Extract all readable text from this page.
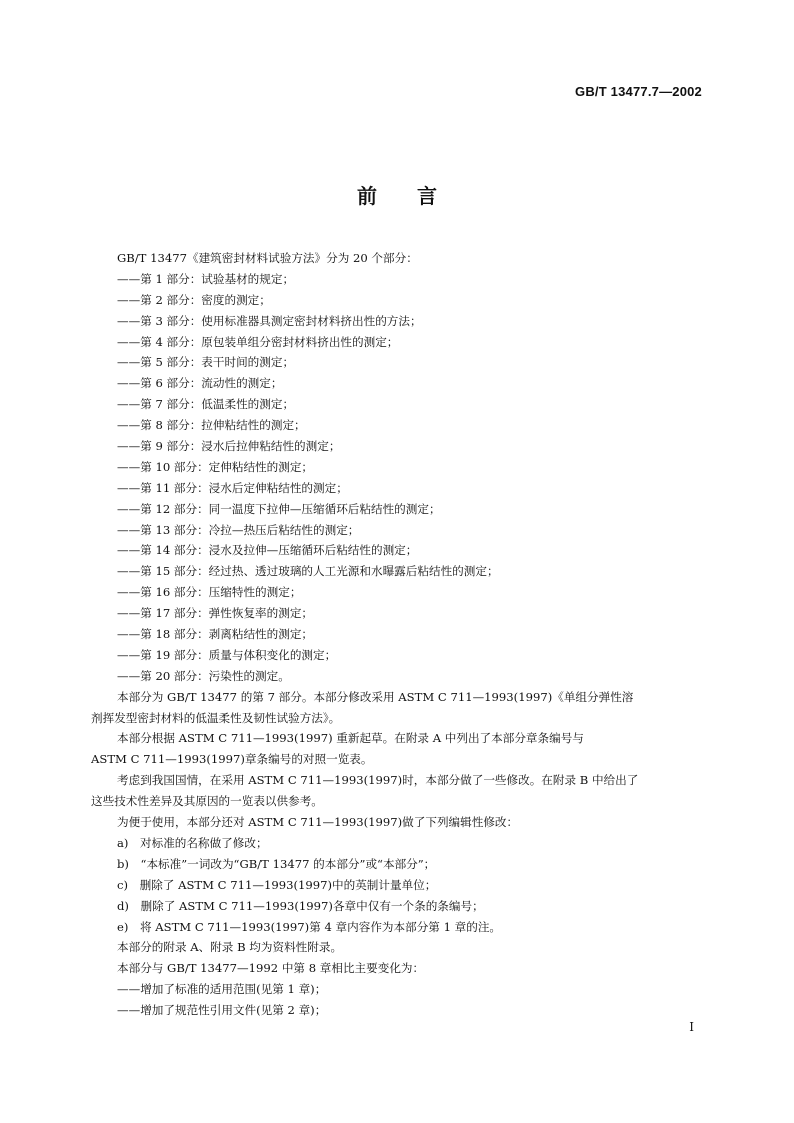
GB/T 13477.7—2002
前 言
GB/T 13477《建筑密封材料试验方法》分为 20 个部分：
——第 1 部分：试验基材的规定；
——第 2 部分：密度的测定；
——第 3 部分：使用标准器具测定密封材料挤出性的方法；
——第 4 部分：原包装单组分密封材料挤出性的测定；
——第 5 部分：表干时间的测定；
——第 6 部分：流动性的测定；
——第 7 部分：低温柔性的测定；
——第 8 部分：拉伸粘结性的测定；
——第 9 部分：浸水后拉伸粘结性的测定；
——第 10 部分：定伸粘结性的测定；
——第 11 部分：浸水后定伸粘结性的测定；
——第 12 部分：同一温度下拉伸—压缩循环后粘结性的测定；
——第 13 部分：冷拉—热压后粘结性的测定；
——第 14 部分：浸水及拉伸—压缩循环后粘结性的测定；
——第 15 部分：经过热、透过玻璃的人工光源和水曝露后粘结性的测定；
——第 16 部分：压缩特性的测定；
——第 17 部分：弹性恢复率的测定；
——第 18 部分：剥离粘结性的测定；
——第 19 部分：质量与体积变化的测定；
——第 20 部分：污染性的测定。
本部分为 GB/T 13477 的第 7 部分。本部分修改采用 ASTM C 711—1993(1997)《单组分弹性溶
剂挥发型密封材料的低温柔性及韧性试验方法》。
本部分根据 ASTM C 711—1993(1997) 重新起草。在附录 A 中列出了本部分章条编号与
ASTM C 711—1993(1997)章条编号的对照一览表。
考虑到我国国情，在采用 ASTM C 711—1993(1997)时，本部分做了一些修改。在附录 B 中给出了
这些技术性差异及其原因的一览表以供参考。
为便于使用，本部分还对 ASTM C 711—1993(1997)做了下列编辑性修改：
a)　对标准的名称做了修改；
b)　“本标准”一词改为“GB/T 13477 的本部分”或“本部分”；
c)　删除了 ASTM C 711—1993(1997)中的英制计量单位；
d)　删除了 ASTM C 711—1993(1997)各章中仅有一个条的条编号；
e)　将 ASTM C 711—1993(1997)第 4 章内容作为本部分第 1 章的注。
本部分的附录 A、附录 B 均为资料性附录。
本部分与 GB/T 13477—1992 中第 8 章相比主要变化为：
——增加了标准的适用范围(见第 1 章)；
——增加了规范性引用文件(见第 2 章)；
I
